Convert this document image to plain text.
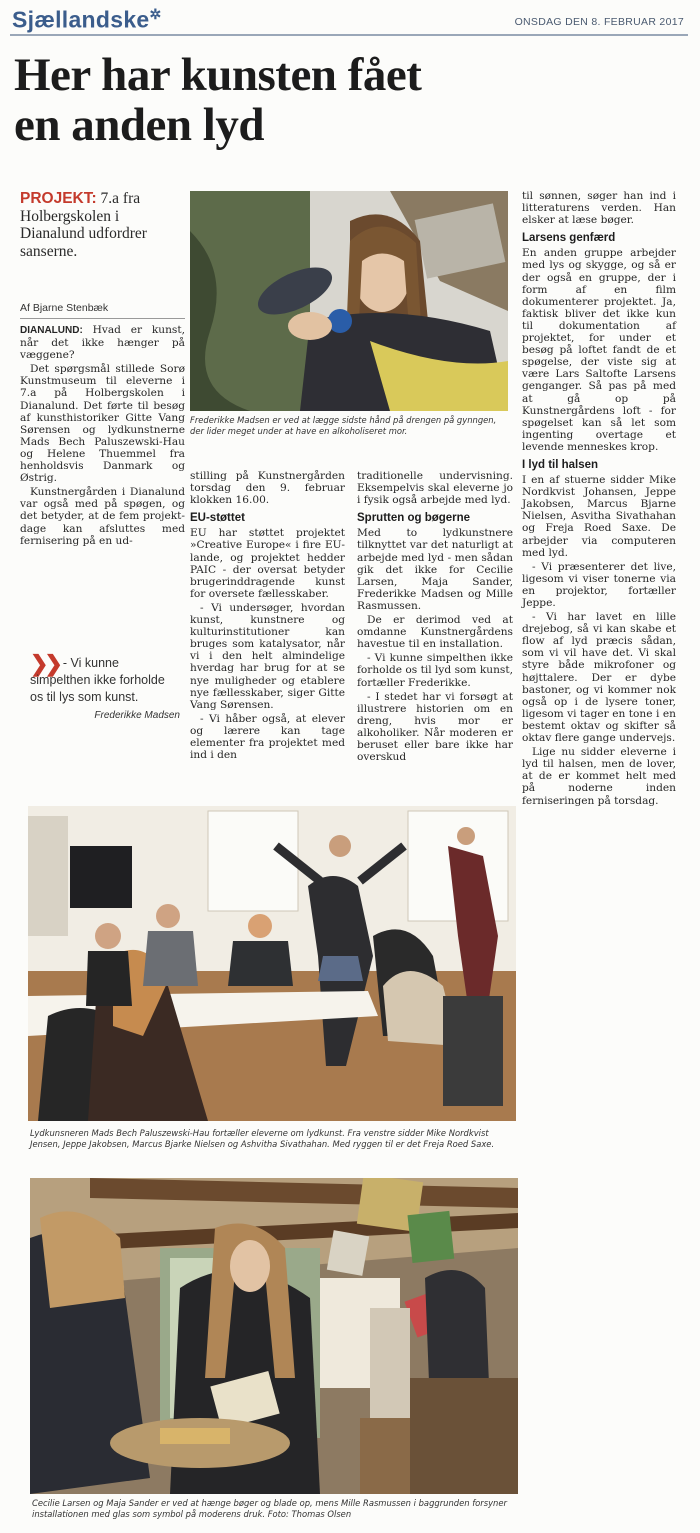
Sjællandske✲	ONSDAG DEN 8. FEBRUAR 2017
Her har kunsten fået
en anden lyd
PROJEKT: 7.a fra Holbergskolen i Dianalund udfordrer sanserne.
Af Bjarne Stenbæk

DIANALUND: Hvad er kunst, når det ikke hænger på væggene?

Det spørgsmål stillede Sorø Kunstmuseum til eleverne i 7.a på Holbergskolen i Dianalund. Det førte til besøg af kunsthistoriker Gitte Vang Sørensen og lydkunstnerne Mads Bech Paluszewski-Hau og Helene Thuemmel fra henholdsvis Danmark og Østrig.

Kunstnergården i Dianalund var også med på spøgen, og det betyder, at de fem projekt-dage kan afsluttes med fernisering på en ud-

❯❯ - Vi kunne simpelthen ikke forholde os til lys som kunst.
Frederikke Madsen
Frederikke Madsen er ved at lægge sidste hånd på drengen på gynngen, der lider meget under at have en alkoholiseret mor.

stilling på Kunstnergården torsdag den 9. februar klokken 16.00.

EU-støttet

EU har støttet projektet »Creative Europe« i fire EU-lande, og projektet hedder PAIC - der oversat betyder brugerinddragende kunst for oversete fællesskaber.

- Vi undersøger, hvordan kunst, kunstnere og kulturinstitutioner kan bruges som katalysator, når vi i den helt almindelige hverdag har brug for at se nye muligheder og etablere nye fællesskaber, siger Gitte Vang Sørensen.

- Vi håber også, at elever og lærere kan tage elementer fra projektet med ind i den

traditionelle undervisning. Eksempelvis skal eleverne jo i fysik også arbejde med lyd.

Sprutten og bøgerne

Med to lydkunstnere tilknyttet var det naturligt at arbejde med lyd - men sådan gik det ikke for Cecilie Larsen, Maja Sander, Frederikke Madsen og Mille Rasmussen.

De er derimod ved at omdanne Kunstnergårdens havestue til en installation.

- Vi kunne simpelthen ikke forholde os til lyd som kunst, fortæller Frederikke.

- I stedet har vi forsøgt at illustrere historien om en dreng, hvis mor er alkoholiker. Når moderen er beruset eller bare ikke har overskud

til sønnen, søger han ind i litteraturens verden. Han elsker at læse bøger.

Larsens genfærd

En anden gruppe arbejder med lys og skygge, og så er der også en gruppe, der i form af en film dokumenterer projektet. Ja, faktisk bliver det ikke kun til dokumentation af projektet, for under et besøg på loftet fandt de et spøgelse, der viste sig at være Lars Saltofte Larsens genganger. Så pas på med at gå op på Kunstnergårdens loft - for spøgelset kan så let som ingenting overtage et levende menneskes krop.

I lyd til halsen

I en af stuerne sidder Mike Nordkvist Johansen, Jeppe Jakobsen, Marcus Bjarne Nielsen, Asvitha Sivathahan og Freja Roed Saxe. De arbejder via computeren med lyd.

- Vi præsenterer det live, ligesom vi viser tonerne via en projektor, fortæller Jeppe.

- Vi har lavet en lille drejebog, så vi kan skabe et flow af lyd præcis sådan, som vi vil have det. Vi skal styre både mikrofoner og højttalere. Der er dybe bastoner, og vi kommer nok også op i de lysere toner, ligesom vi tager en tone i en bestemt oktav og skifter så oktav flere gange undervejs.

Lige nu sidder eleverne i lyd til halsen, men de lover, at de er kommet helt med på noderne inden ferniseringen på torsdag.

Lydkunsneren Mads Bech Paluszewski-Hau fortæller eleverne om lydkunst. Fra venstre sidder Mike Nordkvist Jensen, Jeppe Jakobsen, Marcus Bjarke Nielsen og Ashvitha Sivathahan. Med ryggen til er det Freja Roed Saxe.
Cecilie Larsen og Maja Sander er ved at hænge bøger og blade op, mens Mille Rasmussen i baggrunden forsyner installationen med glas som symbol på moderens druk. Foto: Thomas Olsen
